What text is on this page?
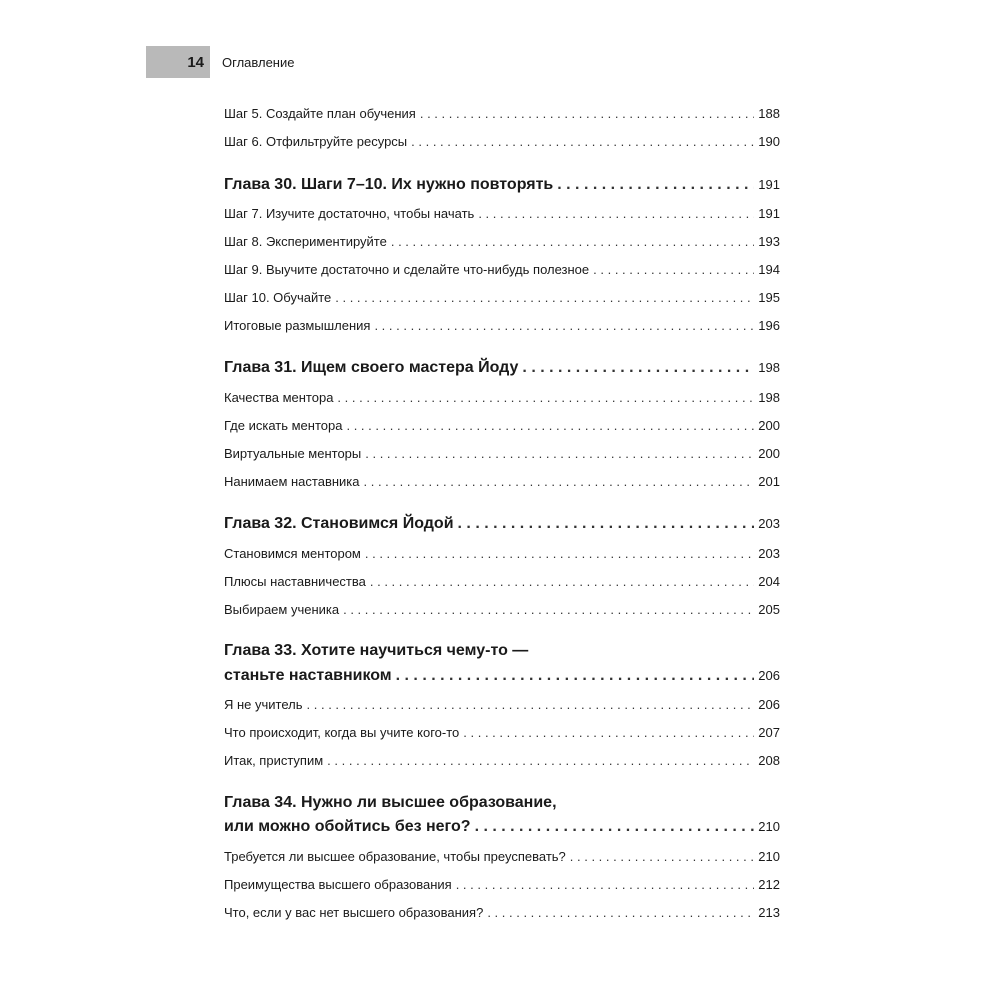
14 Оглавление
Шаг 5. Создайте план обучения . . .	188
Шаг 6. Отфильтруйте ресурсы . . .	190
Глава 30. Шаги 7–10. Их нужно повторять . . .	191
Шаг 7. Изучите достаточно, чтобы начать . . .	191
Шаг 8. Экспериментируйте . . .	193
Шаг 9. Выучите достаточно и сделайте что-нибудь полезное . . .	194
Шаг 10. Обучайте . . .	195
Итоговые размышления . . .	196
Глава 31. Ищем своего мастера Йоду . . .	198
Качества ментора . . .	198
Где искать ментора . . .	200
Виртуальные менторы . . .	200
Нанимаем наставника . . .	201
Глава 32. Становимся Йодой . . .	203
Становимся ментором . . .	203
Плюсы наставничества . . .	204
Выбираем ученика . . .	205
Глава 33. Хотите научиться чему-то —
станьте наставником . . .	206
Я не учитель . . .	206
Что происходит, когда вы учите кого-то . . .	207
Итак, приступим . . .	208
Глава 34. Нужно ли высшее образование,
или можно обойтись без него? . . .	210
Требуется ли высшее образование, чтобы преуспевать? . . .	210
Преимущества высшего образования . . .	212
Что, если у вас нет высшего образования? . . .	213
